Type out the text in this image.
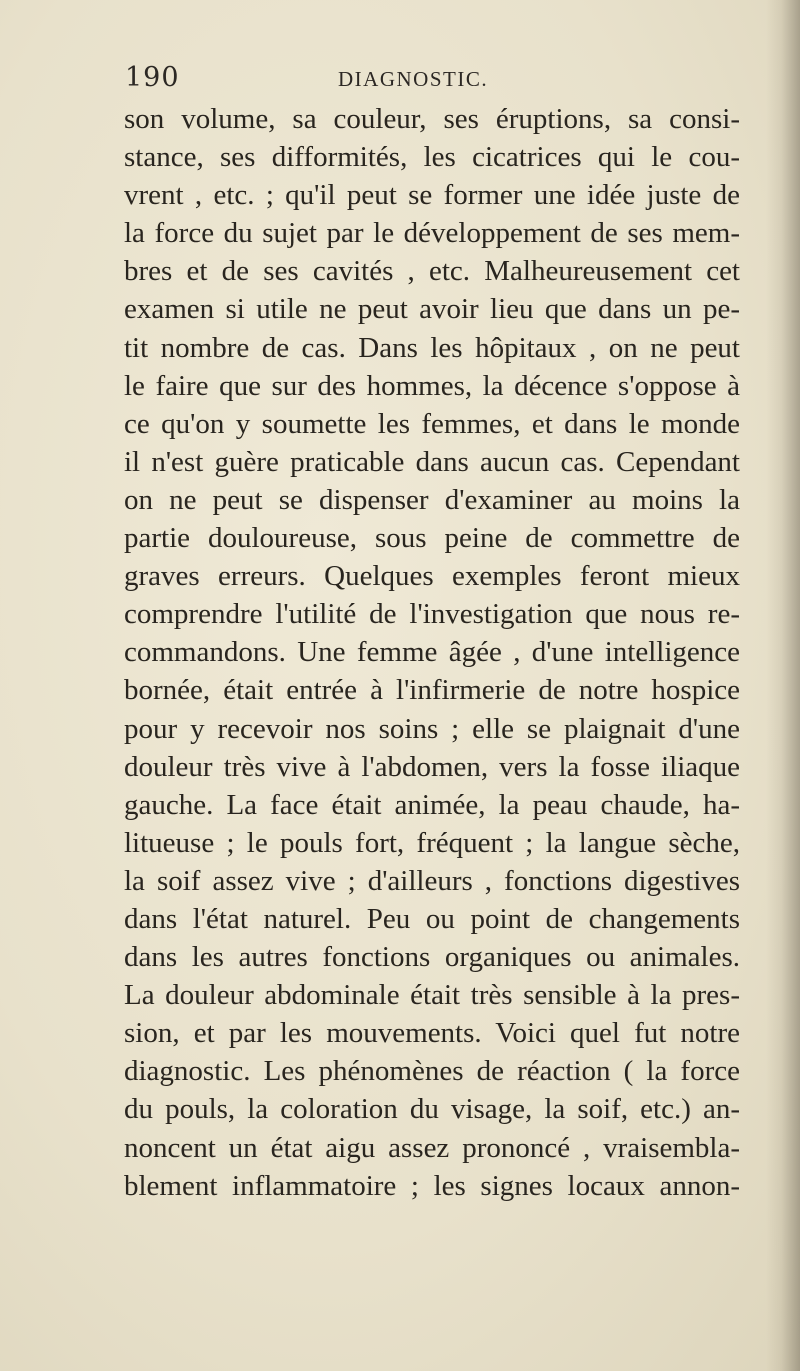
190	DIAGNOSTIC.
son volume, sa couleur, ses éruptions, sa consi-
stance, ses difformités, les cicatrices qui le cou-
vrent , etc. ; qu'il peut se former une idée juste de
la force du sujet par le développement de ses mem-
bres et de ses cavités , etc. Malheureusement cet
examen si utile ne peut avoir lieu que dans un pe-
tit nombre de cas. Dans les hôpitaux , on ne peut
le faire que sur des hommes, la décence s'oppose à
ce qu'on y soumette les femmes, et dans le monde
il n'est guère praticable dans aucun cas. Cependant
on ne peut se dispenser d'examiner au moins la
partie douloureuse, sous peine de commettre de
graves erreurs. Quelques exemples feront mieux
comprendre l'utilité de l'investigation que nous re-
commandons. Une femme âgée , d'une intelligence
bornée, était entrée à l'infirmerie de notre hospice
pour y recevoir nos soins ; elle se plaignait d'une
douleur très vive à l'abdomen, vers la fosse iliaque
gauche. La face était animée, la peau chaude, ha-
litueuse ; le pouls fort, fréquent ; la langue sèche,
la soif assez vive ; d'ailleurs , fonctions digestives
dans l'état naturel. Peu ou point de changements
dans les autres fonctions organiques ou animales.
La douleur abdominale était très sensible à la pres-
sion, et par les mouvements. Voici quel fut notre
diagnostic. Les phénomènes de réaction ( la force
du pouls, la coloration du visage, la soif, etc.) an-
noncent un état aigu assez prononcé , vraisembla-
blement inflammatoire ; les signes locaux annon-
